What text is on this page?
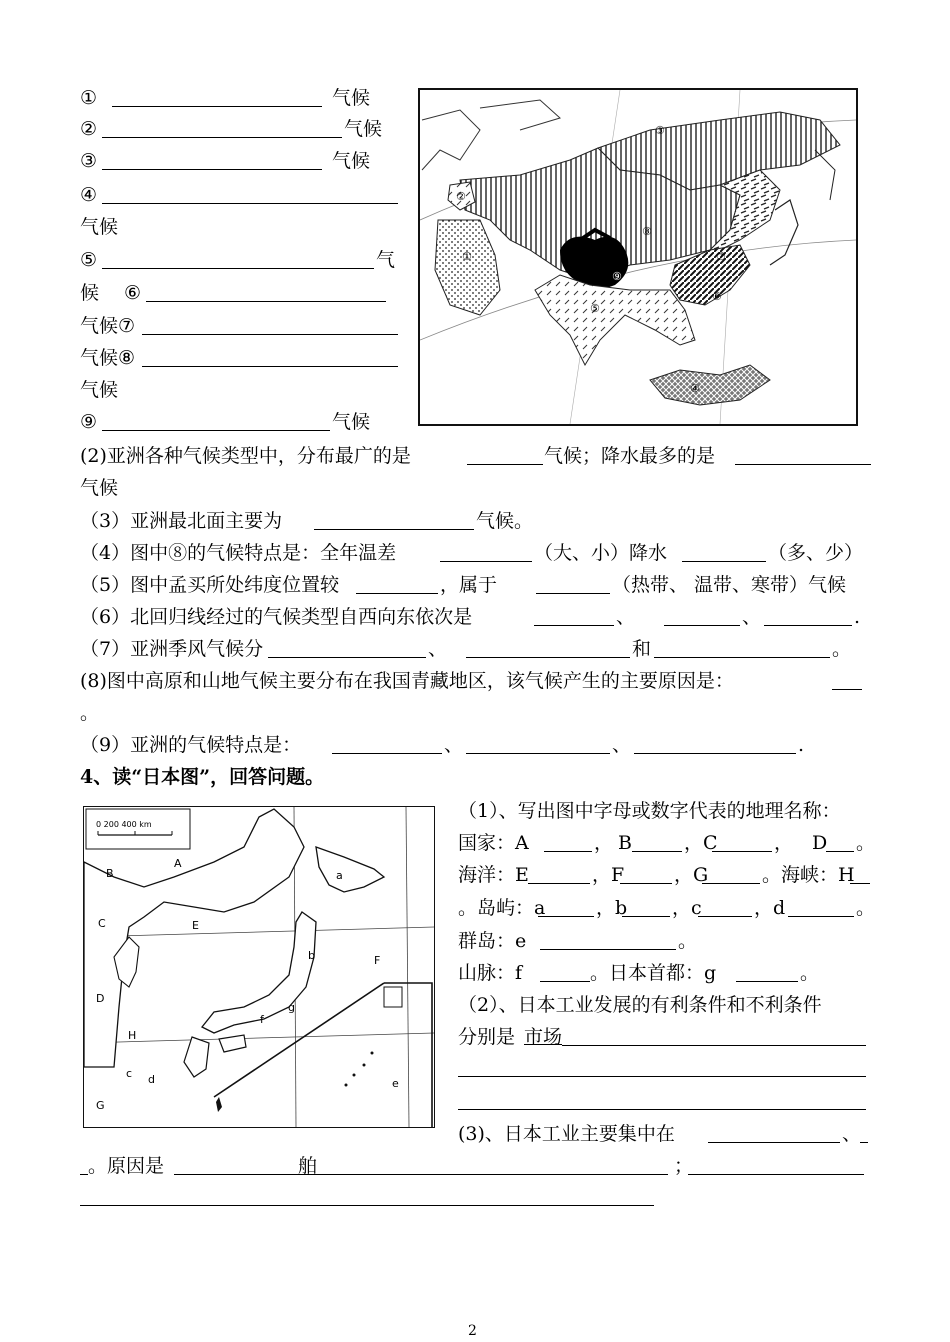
①	气候
②	气候
③	气候
④
气候
⑤	气
候 ⑥
气候 ⑦
气候 ⑧
气候
⑨	气候
①
②
③
④
⑤
⑥
⑦
⑧
⑨
(2)亚洲各种气候类型中，分布最广的是	气候；降水最多的是
气候
（3）亚洲最北面主要为	气候。
（4）图中⑧的气候特点是：全年温差	（大、小）降水	（多、少）
（5）图中孟买所处纬度位置较	，属于	（热带、 温带、寒带）气候
（6）北回归线经过的气候类型自西向东依次是	、	、	.
（7）亚洲季风气候分	、	和	。
(8)图中高原和山地气候主要分布在我国青藏地区，该气候产生的主要原因是：
。
（9）亚洲的气候特点是：	、	、	.
4、读“日本图”，回答问题。
0 200 400 km
A
B
C
D
E
F
G
H
a
b
c d	e
f
g
（1）、写出图中字母或数字代表的地理名称：
国家：A	， B	，C	， D 。
海洋：E	，F	，G	。海峡：H
。岛屿：a	，b ，c	，d	。
群岛：e	。
山脉：f	。日本首都：g	。
（2）、日本工业发展的有利条件和不利条件
分别是 市场
(3)、日本工业主要集中在	、
。原因是	舶	；
2
